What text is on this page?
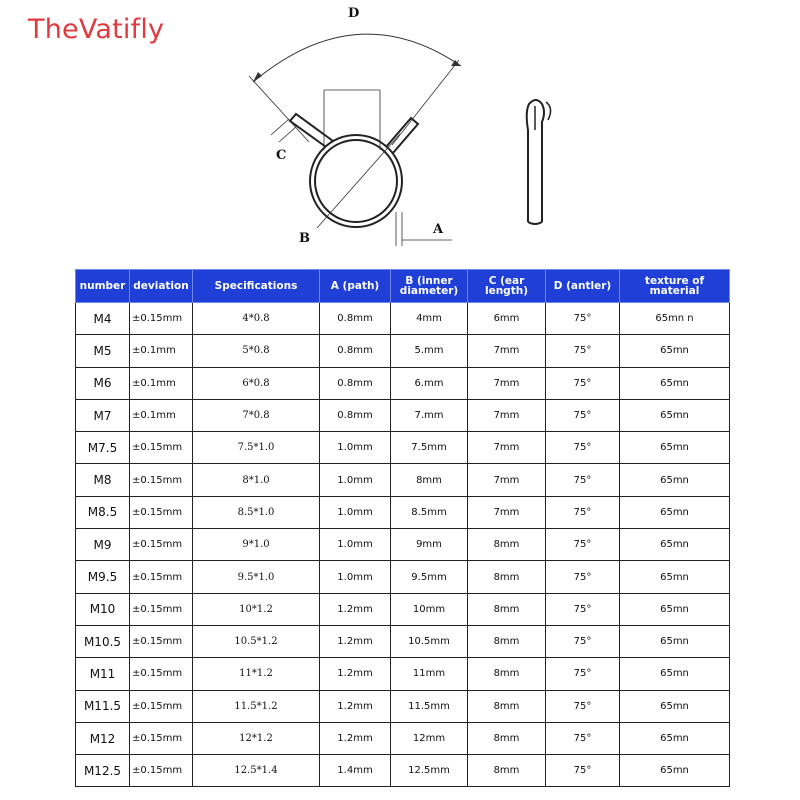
TheVatifly
D
C
B
A
number	deviation	Specifications	A (path)	B (inner diameter)	C (ear length)	D (antler)	texture of material
M4	±0.15mm	4*0.8	0.8mm	4mm	6mm	75°	65mn n
M5	±0.1mm	5*0.8	0.8mm	5.mm	7mm	75°	65mn
M6	±0.1mm	6*0.8	0.8mm	6.mm	7mm	75°	65mn
M7	±0.1mm	7*0.8	0.8mm	7.mm	7mm	75°	65mn
M7.5	±0.15mm	7.5*1.0	1.0mm	7.5mm	7mm	75°	65mn
M8	±0.15mm	8*1.0	1.0mm	8mm	7mm	75°	65mn
M8.5	±0.15mm	8.5*1.0	1.0mm	8.5mm	7mm	75°	65mn
M9	±0.15mm	9*1.0	1.0mm	9mm	8mm	75°	65mn
M9.5	±0.15mm	9.5*1.0	1.0mm	9.5mm	8mm	75°	65mn
M10	±0.15mm	10*1.2	1.2mm	10mm	8mm	75°	65mn
M10.5	±0.15mm	10.5*1.2	1.2mm	10.5mm	8mm	75°	65mn
M11	±0.15mm	11*1.2	1.2mm	11mm	8mm	75°	65mn
M11.5	±0.15mm	11.5*1.2	1.2mm	11.5mm	8mm	75°	65mn
M12	±0.15mm	12*1.2	1.2mm	12mm	8mm	75°	65mn
M12.5	±0.15mm	12.5*1.4	1.4mm	12.5mm	8mm	75°	65mn
